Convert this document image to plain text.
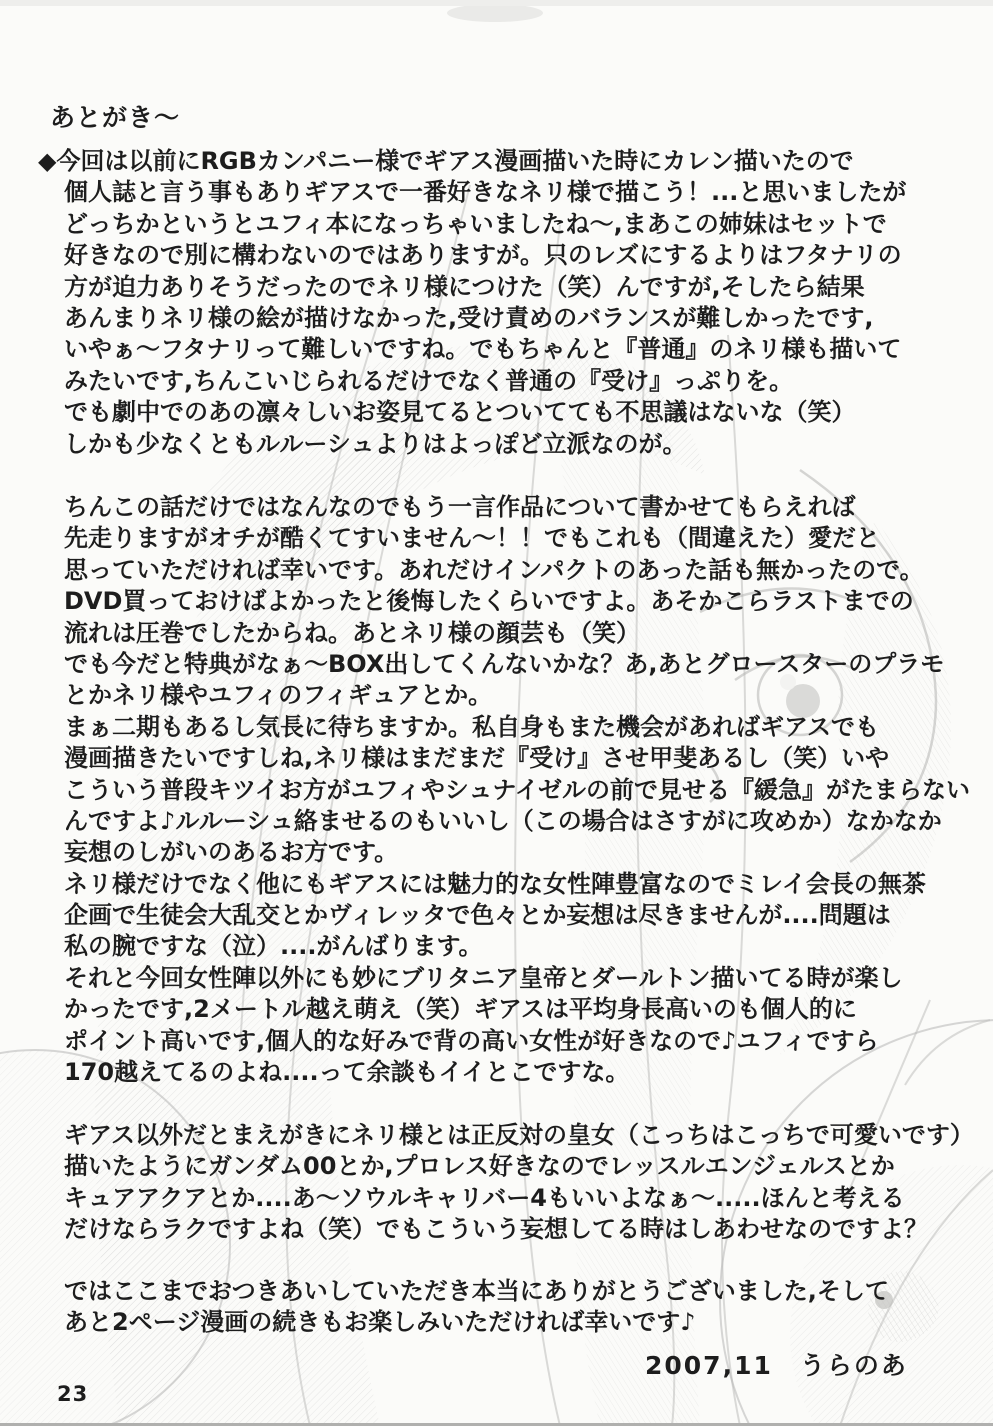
あとがき～
◆今回は以前にRGBカンパニー様でギアス漫画描いた時にカレン描いたので
個人誌と言う事もありギアスで一番好きなネリ様で描こう！...と思いましたが
どっちかというとユフィ本になっちゃいましたね～,まあこの姉妹はセットで
好きなので別に構わないのではありますが。只のレズにするよりはフタナリの
方が迫力ありそうだったのでネリ様につけた（笑）んですが,そしたら結果
あんまりネリ様の絵が描けなかった,受け責めのバランスが難しかったです,
いやぁ～フタナリって難しいですね。でもちゃんと『普通』のネリ様も描いて
みたいです,ちんこいじられるだけでなく普通の『受け』っぷりを。
でも劇中でのあの凛々しいお姿見てるとついてても不思議はないな（笑）
しかも少なくともルルーシュよりはよっぽど立派なのが。
ちんこの話だけではなんなのでもう一言作品について書かせてもらえれば
先走りますがオチが酷くてすいません～！！でもこれも（間違えた）愛だと
思っていただければ幸いです。あれだけインパクトのあった話も無かったので。
DVD買っておけばよかったと後悔したくらいですよ。あそかこらラストまでの
流れは圧巻でしたからね。あとネリ様の顔芸も（笑）
でも今だと特典がなぁ～BOX出してくんないかな？あ,あとグロースターのプラモ
とかネリ様やユフィのフィギュアとか。
まぁ二期もあるし気長に待ちますか。私自身もまた機会があればギアスでも
漫画描きたいですしね,ネリ様はまだまだ『受け』させ甲斐あるし（笑）いや
こういう普段キツイお方がユフィやシュナイゼルの前で見せる『緩急』がたまらない
んですよ♪ルルーシュ絡ませるのもいいし（この場合はさすがに攻めか）なかなか
妄想のしがいのあるお方です。
ネリ様だけでなく他にもギアスには魅力的な女性陣豊富なのでミレイ会長の無茶
企画で生徒会大乱交とかヴィレッタで色々とか妄想は尽きませんが....問題は
私の腕ですな（泣）....がんばります。
それと今回女性陣以外にも妙にブリタニア皇帝とダールトン描いてる時が楽し
かったです,2メートル越え萌え（笑）ギアスは平均身長高いのも個人的に
ポイント高いです,個人的な好みで背の高い女性が好きなので♪ユフィですら
170越えてるのよね....って余談もイイとこですな。
ギアス以外だとまえがきにネリ様とは正反対の皇女（こっちはこっちで可愛いです）
描いたようにガンダム00とか,プロレス好きなのでレッスルエンジェルスとか
キュアアクアとか....あ～ソウルキャリバー4もいいよなぁ～.....ほんと考える
だけならラクですよね（笑）でもこういう妄想してる時はしあわせなのですよ？
ではここまでおつきあいしていただき本当にありがとうございました,そして
あと2ページ漫画の続きもお楽しみいただければ幸いです♪
2007,11　うらのあ
23
